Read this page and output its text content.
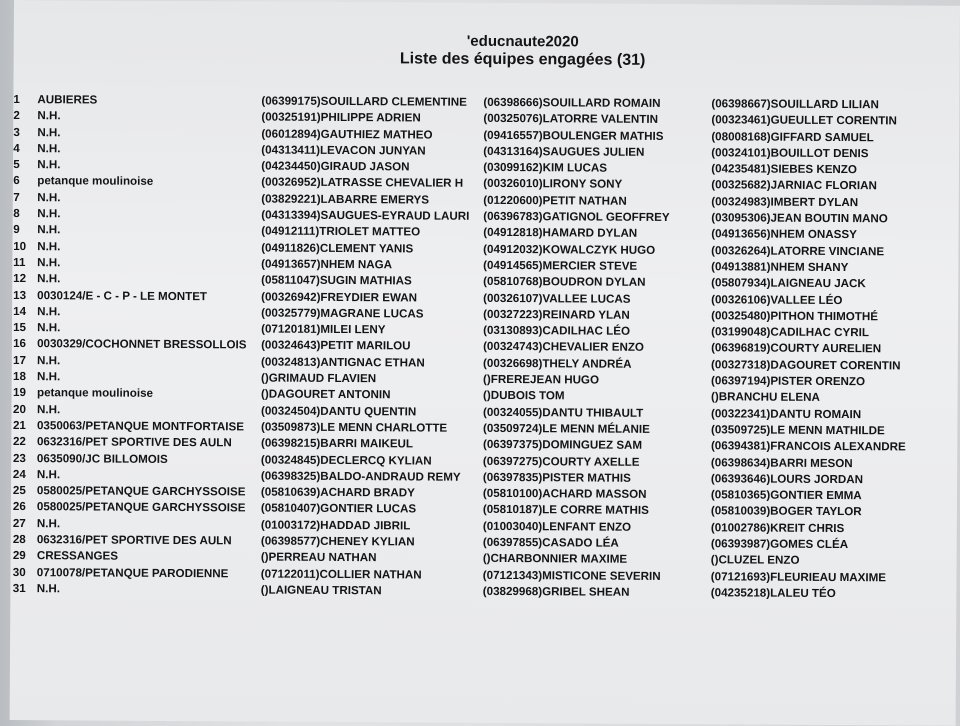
'educnaute2020
Liste des équipes engagées (31)
1	AUBIERES	(06399175)SOUILLARD CLEMENTINE	(06398666)SOUILLARD ROMAIN	(06398667)SOUILLARD LILIAN
2	N.H.	(00325191)PHILIPPE ADRIEN	(00325076)LATORRE VALENTIN	(00323461)GUEULLET CORENTIN
3	N.H.	(06012894)GAUTHIEZ MATHEO	(09416557)BOULENGER MATHIS	(08008168)GIFFARD SAMUEL
4	N.H.	(04313411)LEVACON JUNYAN	(04313164)SAUGUES JULIEN	(00324101)BOUILLOT DENIS
5	N.H.	(04234450)GIRAUD JASON	(03099162)KIM LUCAS	(04235481)SIEBES KENZO
6	petanque moulinoise	(00326952)LATRASSE CHEVALIER H	(00326010)LIRONY SONY	(00325682)JARNIAC FLORIAN
7	N.H.	(03829221)LABARRE EMERYS	(01220600)PETIT NATHAN	(00324983)IMBERT DYLAN
8	N.H.	(04313394)SAUGUES-EYRAUD LAURI	(06396783)GATIGNOL GEOFFREY	(03095306)JEAN BOUTIN MANO
9	N.H.	(04912111)TRIOLET MATTEO	(04912818)HAMARD DYLAN	(04913656)NHEM ONASSY
10 N.H.	(04911826)CLEMENT YANIS	(04912032)KOWALCZYK HUGO	(00326264)LATORRE VINCIANE
11	N.H.	(04913657)NHEM NAGA	(04914565)MERCIER STEVE	(04913881)NHEM SHANY
12 N.H.	(05811047)SUGIN MATHIAS	(05810768)BOUDRON DYLAN	(05807934)LAIGNEAU JACK
13 0030124/E - C - P - LE MONTET	(00326942)FREYDIER EWAN	(00326107)VALLEE LUCAS	(00326106)VALLEE LÉO
14 N.H.	(00325779)MAGRANE LUCAS	(00327223)REINARD YLAN	(00325480)PITHON THIMOTHÉ
15 N.H.	(07120181)MILEI LENY	(03130893)CADILHAC LÉO	(03199048)CADILHAC CYRIL
16 0030329/COCHONNET BRESSOLLOIS	(00324643)PETIT MARILOU	(00324743)CHEVALIER ENZO	(06396819)COURTY AURELIEN
17 N.H.	(00324813)ANTIGNAC ETHAN	(00326698)THELY ANDRÉA	(00327318)DAGOURET CORENTIN
18 N.H.	()GRIMAUD FLAVIEN	()FREREJEAN HUGO	(06397194)PISTER ORENZO
19 petanque moulinoise	()DAGOURET ANTONIN	()DUBOIS TOM	()BRANCHU ELENA
20 N.H.	(00324504)DANTU QUENTIN	(00324055)DANTU THIBAULT	(00322341)DANTU ROMAIN
21 0350063/PETANQUE MONTFORTAISE	(03509873)LE MENN CHARLOTTE	(03509724)LE MENN MÉLANIE	(03509725)LE MENN MATHILDE
22 0632316/PET SPORTIVE DES AULN	(06398215)BARRI MAIKEUL	(06397375)DOMINGUEZ SAM	(06394381)FRANCOIS ALEXANDRE
23 0635090/JC BILLOMOIS	(00324845)DECLERCQ KYLIAN	(06397275)COURTY AXELLE	(06398634)BARRI MESON
24 N.H.	(06398325)BALDO-ANDRAUD REMY	(06397835)PISTER MATHIS	(06393646)LOURS JORDAN
25 0580025/PETANQUE GARCHYSSOISE	(05810639)ACHARD BRADY	(05810100)ACHARD MASSON	(05810365)GONTIER EMMA
26 0580025/PETANQUE GARCHYSSOISE	(05810407)GONTIER LUCAS	(05810187)LE CORRE MATHIS	(05810039)BOGER TAYLOR
27 N.H.	(01003172)HADDAD JIBRIL	(01003040)LENFANT ENZO	(01002786)KREIT CHRIS
28 0632316/PET SPORTIVE DES AULN	(06398577)CHENEY KYLIAN	(06397855)CASADO LÉA	(06393987)GOMES CLÉA
29 CRESSANGES	()PERREAU NATHAN	()CHARBONNIER MAXIME	()CLUZEL ENZO
30 0710078/PETANQUE PARODIENNE	(07122011)COLLIER NATHAN	(07121343)MISTICONE SEVERIN	(07121693)FLEURIEAU MAXIME
31 N.H.	()LAIGNEAU TRISTAN	(03829968)GRIBEL SHEAN	(04235218)LALEU TÉO
